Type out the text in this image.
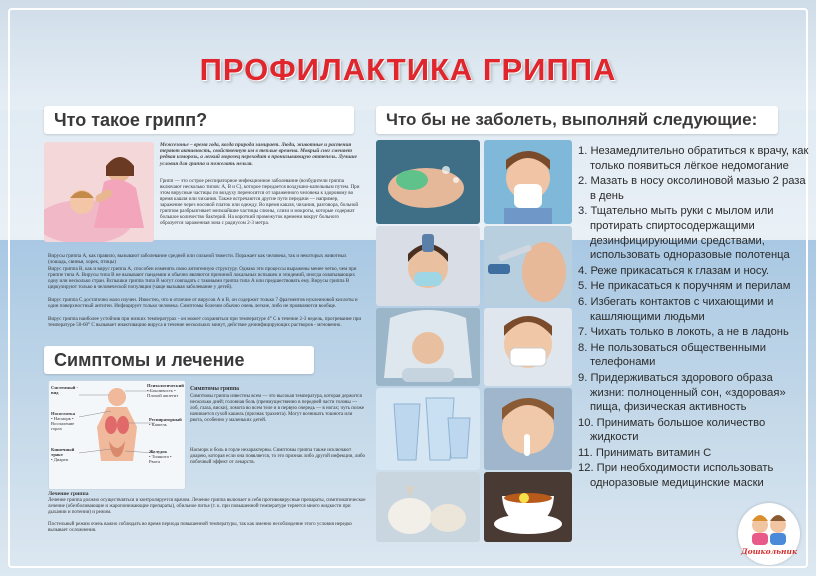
ПРОФИЛАКТИКА ГРИППА
Что такое грипп?
Межсезонье – время года, когда природа замирает. Люди, животные и растения теряют активность, свойственную им в теплые времена. Мокрый снег сменяет редкая изморозь, а легкий морозец переходит в пронизывающую оттепель. Лучшие условия для гриппа и пожелать нельзя.
Грипп — это острое респираторное инфекционное заболевание (возбудители гриппа включают несколько типов: А, В и С), которое передается воздушно-капельным путем. При этом вирусные частицы по воздуху переносятся от зараженного человека к здоровому во время кашля или чихания. Также встречаются другие пути передачи — например, заражение через носовой платок или одежду. Во время кашля, чихания, разговора, больной гриппом разбрызгивает мельчайшие частицы слюны, слизи и мокроты, которые содержат большое количество бактерий. На короткий промежуток времени вокруг больного образуется зараженная зона с радиусом 2-3 метра.
Вирусы гриппа А, как правило, вызывают заболевание средней или сильной тяжести. Поражает как человека, так и некоторых животных (лошадь, свинья, хорек, птицы)
Вирус гриппа B, как и вирус гриппа А, способен изменять свою антигенную структуру. Однако эти процессы выражены менее четко, чем при гриппе типа А. Вирусы типа B не вызывают пандемии и обычно являются причиной локальных вспышек и эпидемий, иногда охватывающих одну или несколько стран. Вспышки гриппа типа B могут совпадать с таковыми гриппа типа А или предшествовать ему. Вирусы гриппа B циркулируют только в человеческой популяции (чаще вызывая заболевание у детей).
Вирус гриппа C достаточно мало изучен. Известно, что в отличие от вирусов А и B, он содержит только 7 фрагментов нуклеиновой кислоты и один поверхностный антиген. Инфицирует только человека. Симптомы болезни обычно очень легкие, либо не проявляются вообще.
Вирус гриппа наиболее устойчив при низких температурах - он может сохраняться при температуре 4° C в течение 2-3 недель, прогревание при температуре 50-60° C вызывает инактивацию вируса в течение нескольких минут, действие дезинфицирующих растворов - мгновенно.
Симптомы и лечение
Системный - вид
Носоглотка
• Насморк • Воспаление горла
Кишечный тракт
• Диарея
Психологический
• Сонливость • Плохой аппетит
Респираторный
• Кашель
Желудок
• Тошнота • Рвота
Симптомы гриппа
Симптомы гриппа известны всем — это высокая температура, которая держится несколько дней; головная боль (преимущественно в передней части головы — лоб, глаза, виски), ломота во всем теле и в первую очередь — в ногах; чуть позже начинается сухой кашель (признак трахеита). Могут возникать тошнота или рвота, особенно у маленьких детей.
Насморк и боль в горле нехарактерны. Симптомы гриппа также исключают диарею, которая если она появляется, то это признак либо другой инфекции, либо побочный эффект от лекарств.
Лечение гриппа
Лечение гриппа должно осуществляться и контролируется врачом. Лечение гриппа включает в себя противовирусные препараты, симптоматическое лечение (обезболивающие и жаропонижающие препараты), обильное питье (т. к. при повышенной температуре теряется много жидкости при дыхании и потении) и режим.
Постельный режим очень важно соблюдать во время периода повышенной температуры, так как именно несоблюдение этого условия нередко вызывает осложнения.
Что бы не заболеть, выполняй следующие:
1. Незамедлительно обратиться к врачу, как только появиться лёгкое недомогание
2. Мазать в носу оксолиновой мазью 2 раза в день
3. Тщательно мыть руки с мылом или протирать спиртосодержащими дезинфицирующими средствами, использовать одноразовые полотенца
4. Реже прикасаться к глазам и носу.
5. Не прикасаться к поручням и перилам
6. Избегать контактов с чихающими и кашляющими людьми
7. Чихать только в локоть, а не в ладонь
8. Не пользоваться общественными телефонами
9. Придерживаться здорового образа жизни: полноценный сон, «здоровая» пища, физическая активность
10. Принимать большое количество жидкости
11. Принимать витамин С
12. При необходимости использовать одноразовые медицинские маски
Дошкольник
